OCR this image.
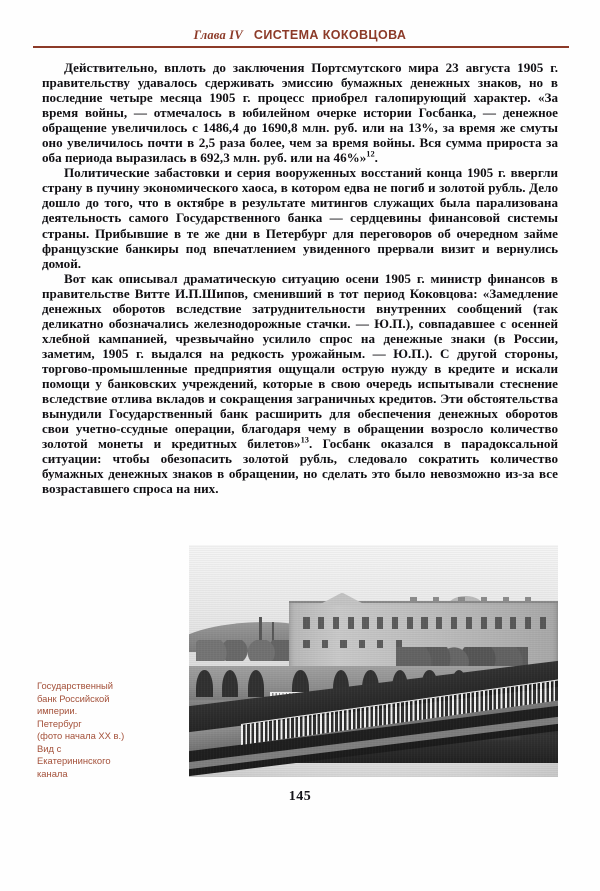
Глава IV СИСТЕМА КОКОВЦОВА

Действительно, вплоть до заключения Портсмутского мира 23 августа 1905 г. правительству удавалось сдерживать эмиссию бумажных денежных знаков, но в последние четыре месяца 1905 г. процесс приобрел галопирующий характер. «За время войны, — отмечалось в юбилейном очерке истории Госбанка, — денежное обращение увеличилось с 1486,4 до 1690,8 млн. руб. или на 13%, за время же смуты оно увеличилось почти в 2,5 раза более, чем за время войны. Вся сумма прироста за оба периода выразилась в 692,3 млн. руб. или на 46%»$^{12}$.

Политические забастовки и серия вооруженных восстаний конца 1905 г. ввергли страну в пучину экономического хаоса, в котором едва не погиб и золотой рубль. Дело дошло до того, что в октябре в результате митингов служащих была парализована деятельность самого Государственного банка — сердцевины финансовой системы страны. Прибывшие в те же дни в Петербург для переговоров об очередном займе французские банкиры под впечатлением увиденного прервали визит и вернулись домой.

Вот как описывал драматическую ситуацию осени 1905 г. министр финансов в правительстве Витте И.П.Шипов, сменивший в тот период Коковцова: «Замедление денежных оборотов вследствие затруднительности внутренних сообщений (так деликатно обозначались железнодорожные стачки. — Ю.П.), совпадавшее с осенней хлебной кампанией, чрезвычайно усилило спрос на денежные знаки (в России, заметим, 1905 г. выдался на редкость урожайным. — Ю.П.). С другой стороны, торгово-промышленные предприятия ощущали острую нужду в кредите и искали помощи у банковских учреждений, которые в свою очередь испытывали стеснение вследствие отлива вкладов и сокращения заграничных кредитов. Эти обстоятельства вынудили Государственный банк расширить для обеспечения денежных оборотов свои учетно-ссудные операции, благодаря чему в обращении возросло количество золотой монеты и кредитных билетов»$^{13}$. Госбанк оказался в парадоксальной ситуации: чтобы обезопасить золотой рубль, следовало сократить количество бумажных денежных знаков в обращении, но сделать это было невозможно из-за все возраставшего спроса на них.

Государственный
банк Российской
империи.
Петербург
(фото начала XX в.)
Вид с
Екатерининского
канала
145
